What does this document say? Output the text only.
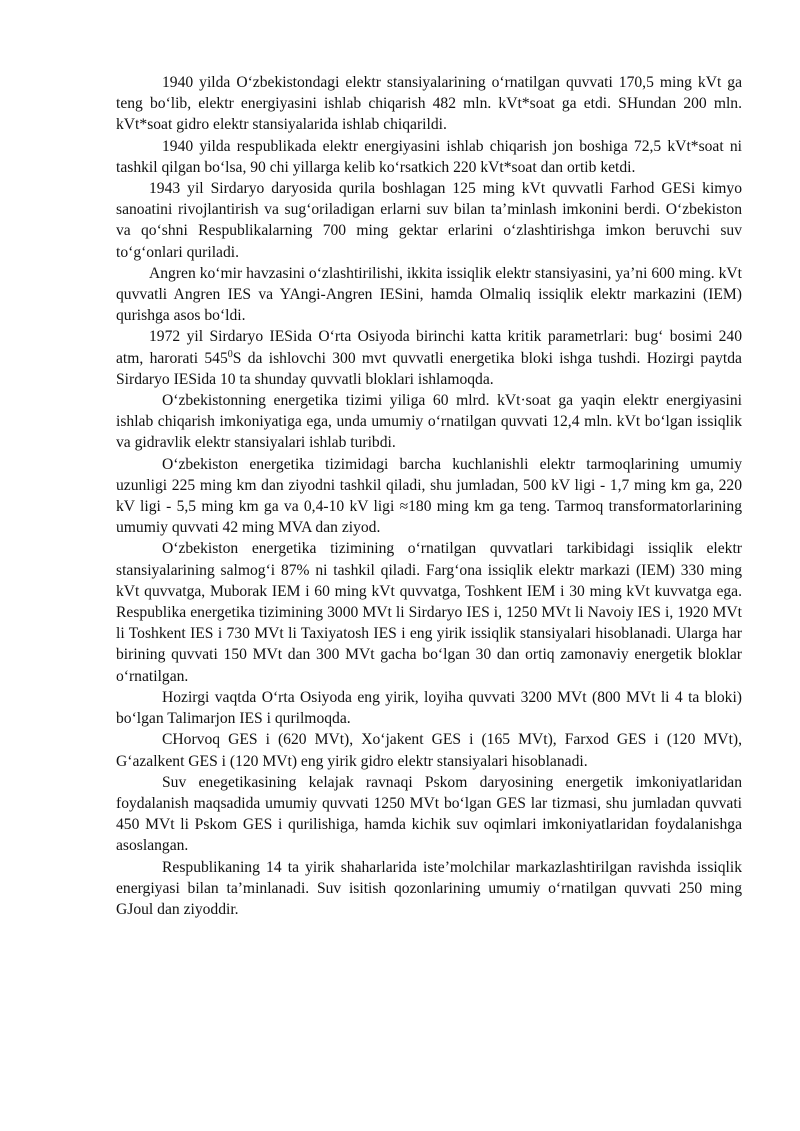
1940 yilda O‘zbekistondagi elektr stansiyalarining o‘rnatilgan quvvati 170,5 ming kVt ga teng bo‘lib, elektr energiyasini ishlab chiqarish 482 mln. kVt*soat ga etdi. SHundan 200 mln. kVt*soat gidro elektr stansiyalarida ishlab chiqarildi.

1940 yilda respublikada elektr energiyasini ishlab chiqarish jon boshiga 72,5 kVt*soat ni tashkil qilgan bo‘lsa, 90 chi yillarga kelib ko‘rsatkich 220 kVt*soat dan ortib ketdi.

1943 yil Sirdaryo daryosida qurila boshlagan 125 ming kVt quvvatli Farhod GESi kimyo sanoatini rivojlantirish va sug‘oriladigan erlarni suv bilan ta’minlash imkonini berdi. O‘zbekiston va qo‘shni Respublikalarning 700 ming gektar erlarini o‘zlashtirishga imkon beruvchi suv to‘g‘onlari quriladi.

Angren ko‘mir havzasini o‘zlashtirilishi, ikkita issiqlik elektr stansiyasini, ya’ni 600 ming. kVt quvvatli Angren IES va YAngi-Angren IESini, hamda Olmaliq issiqlik elektr markazini (IEM) qurishga asos bo‘ldi.

1972 yil Sirdaryo IESida O‘rta Osiyoda birinchi katta kritik parametrlari: bug‘ bosimi 240 atm, harorati $545^0S$ da ishlovchi 300 mvt quvvatli energetika bloki ishga tushdi. Hozirgi paytda Sirdaryo IESida 10 ta shunday quvvatli bloklari ishlamoqda.

O‘zbekistonning energetika tizimi yiliga 60 mlrd. kVt·soat ga yaqin elektr energiyasini ishlab chiqarish imkoniyatiga ega, unda umumiy o‘rnatilgan quvvati 12,4 mln. kVt bo‘lgan issiqlik va gidravlik elektr stansiyalari ishlab turibdi.

O‘zbekiston energetika tizimidagi barcha kuchlanishli elektr tarmoqlarining umumiy uzunligi 225 ming km dan ziyodni tashkil qiladi, shu jumladan, 500 kV ligi - 1,7 ming km ga, 220 kV ligi - 5,5 ming km ga va 0,4-10 kV ligi ≈180 ming km ga teng. Tarmoq transformatorlarining umumiy quvvati 42 ming MVA dan ziyod.

O‘zbekiston energetika tizimining o‘rnatilgan quvvatlari tarkibidagi issiqlik elektr stansiyalarining salmog‘i 87% ni tashkil qiladi. Farg‘ona issiqlik elektr markazi (IEM) 330 ming kVt quvvatga, Muborak IEM i 60 ming kVt quvvatga, Toshkent IEM i 30 ming kVt kuvvatga ega. Respublika energetika tizimining 3000 MVt li Sirdaryo IES i, 1250 MVt li Navoiy IES i, 1920 MVt li Toshkent IES i 730 MVt li Taxiyatosh IES i eng yirik issiqlik stansiyalari hisoblanadi. Ularga har birining quvvati 150 MVt dan 300 MVt gacha bo‘lgan 30 dan ortiq zamonaviy energetik bloklar o‘rnatilgan.

Hozirgi vaqtda O‘rta Osiyoda eng yirik, loyiha quvvati 3200 MVt (800 MVt li 4 ta bloki) bo‘lgan Talimarjon IES i qurilmoqda.

CHorvoq GES i (620 MVt), Xo‘jakent GES i (165 MVt), Farxod GES i (120 MVt), G‘azalkent GES i (120 MVt) eng yirik gidro elektr stansiyalari hisoblanadi.

Suv enegetikasining kelajak ravnaqi Pskom daryosining energetik imkoniyatlaridan foydalanish maqsadida umumiy quvvati 1250 MVt bo‘lgan GES lar tizmasi, shu jumladan quvvati 450 MVt li Pskom GES i qurilishiga, hamda kichik suv oqimlari imkoniyatlaridan foydalanishga asoslangan.

Respublikaning 14 ta yirik shaharlarida iste’molchilar markazlashtirilgan ravishda issiqlik energiyasi bilan ta’minlanadi. Suv isitish qozonlarining umumiy o‘rnatilgan quvvati 250 ming GJoul dan ziyoddir.
